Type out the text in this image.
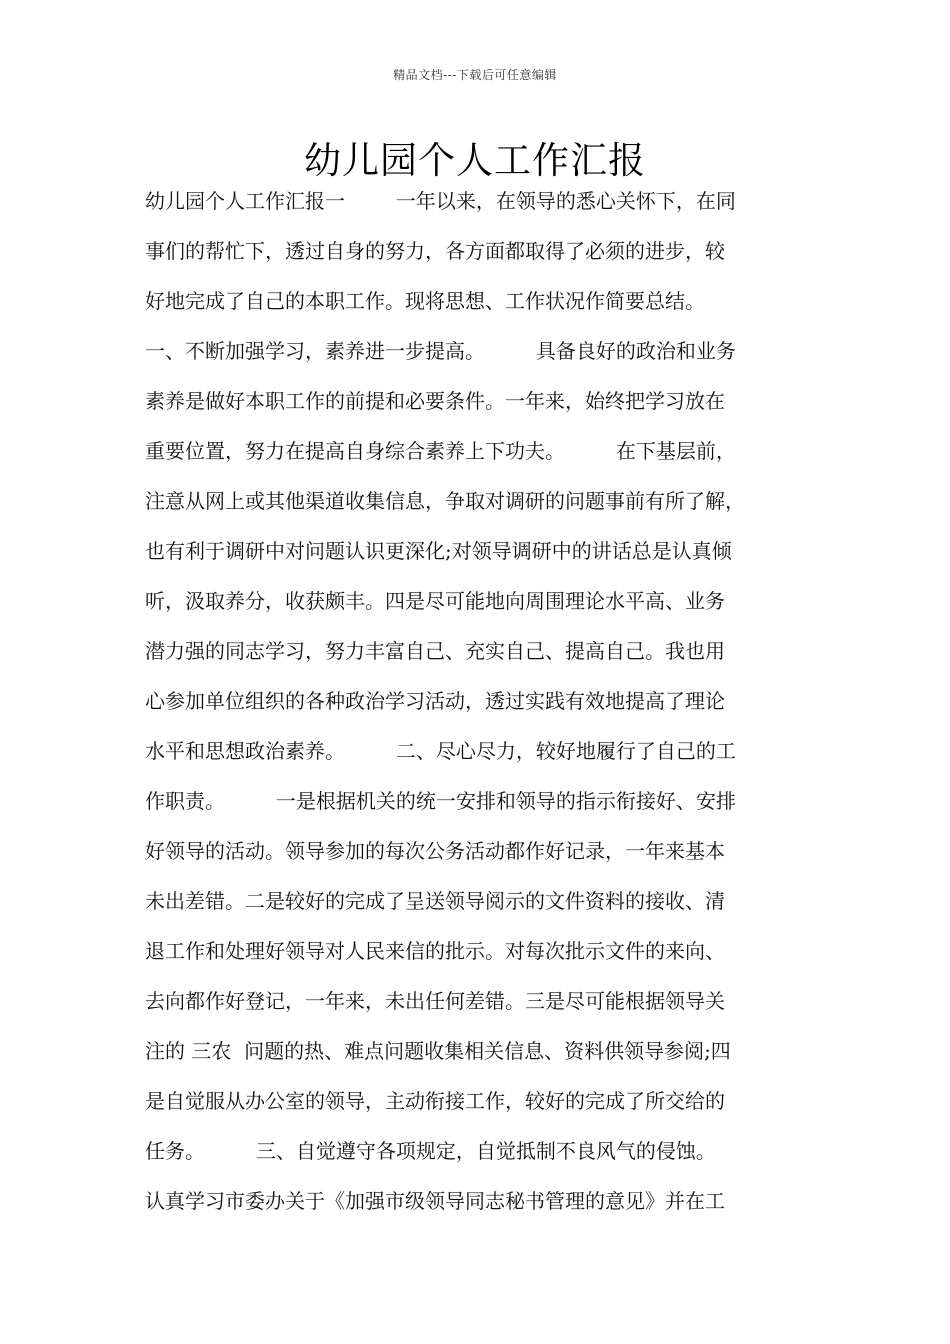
精品文档---下载后可任意编辑
幼儿园个人工作汇报
幼儿园个人工作汇报一        一年以来，在领导的悉心关怀下，在同
事们的帮忙下，透过自身的努力，各方面都取得了必须的进步，较
好地完成了自己的本职工作。现将思想、工作状况作简要总结。
一、不断加强学习，素养进一步提高。        具备良好的政治和业务
素养是做好本职工作的前提和必要条件。一年来，始终把学习放在
重要位置，努力在提高自身综合素养上下功夫。        在下基层前，
注意从网上或其他渠道收集信息，争取对调研的问题事前有所了解，
也有利于调研中对问题认识更深化;对领导调研中的讲话总是认真倾
听，汲取养分，收获颇丰。四是尽可能地向周围理论水平高、业务
潜力强的同志学习，努力丰富自己、充实自己、提高自己。我也用
心参加单位组织的各种政治学习活动，透过实践有效地提高了理论
水平和思想政治素养。        二、尽心尽力，较好地履行了自己的工
作职责。        一是根据机关的统一安排和领导的指示衔接好、安排
好领导的活动。领导参加的每次公务活动都作好记录，一年来基本
未出差错。二是较好的完成了呈送领导阅示的文件资料的接收、清
退工作和处理好领导对人民来信的批示。对每次批示文件的来向、
去向都作好登记，一年来，未出任何差错。三是尽可能根据领导关
注的 三农  问题的热、难点问题收集相关信息、资料供领导参阅;四
是自觉服从办公室的领导，主动衔接工作，较好的完成了所交给的
任务。        三、自觉遵守各项规定，自觉抵制不良风气的侵蚀。
认真学习市委办关于《加强市级领导同志秘书管理的意见》并在工
